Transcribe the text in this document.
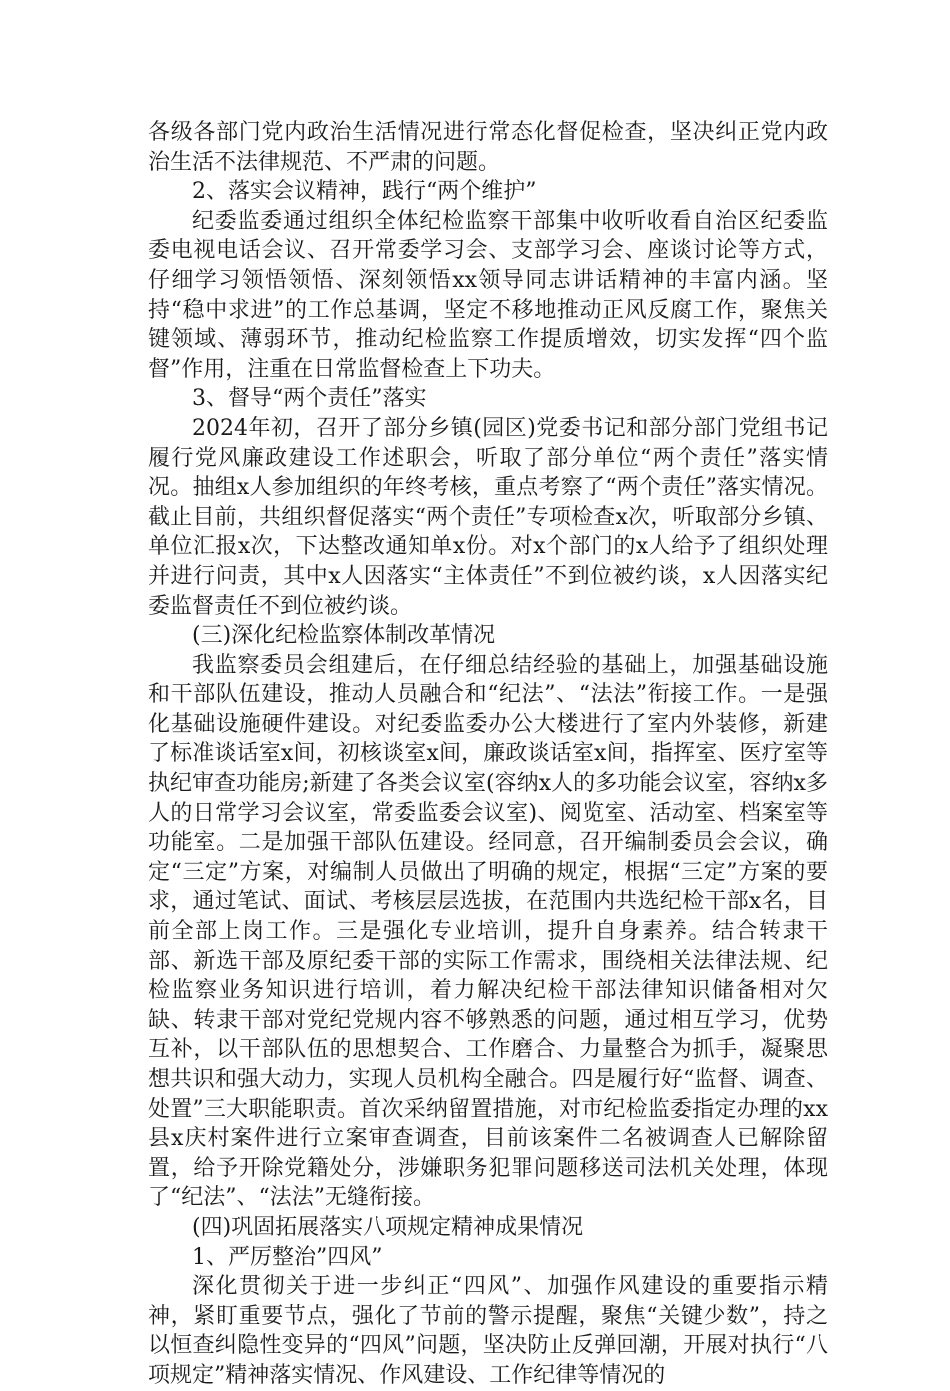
各级各部门党内政治生活情况进行常态化督促检查，坚决纠正党内政治生活不法律规范、不严肃的问题。

2、落实会议精神，践行“两个维护”

纪委监委通过组织全体纪检监察干部集中收听收看自治区纪委监委电视电话会议、召开常委学习会、支部学习会、座谈讨论等方式，仔细学习领悟领悟、深刻领悟xx领导同志讲话精神的丰富内涵。坚持“稳中求进”的工作总基调，坚定不移地推动正风反腐工作，聚焦关键领域、薄弱环节，推动纪检监察工作提质增效，切实发挥“四个监督”作用，注重在日常监督检查上下功夫。

3、督导“两个责任”落实

2024年初，召开了部分乡镇(园区)党委书记和部分部门党组书记履行党风廉政建设工作述职会，听取了部分单位“两个责任”落实情况。抽组x人参加组织的年终考核，重点考察了“两个责任”落实情况。截止目前，共组织督促落实“两个责任”专项检查x次，听取部分乡镇、单位汇报x次，下达整改通知单x份。对x个部门的x人给予了组织处理并进行问责，其中x人因落实“主体责任”不到位被约谈，x人因落实纪委监督责任不到位被约谈。

(三)深化纪检监察体制改革情况

我监察委员会组建后，在仔细总结经验的基础上，加强基础设施和干部队伍建设，推动人员融合和“纪法”、“法法”衔接工作。一是强化基础设施硬件建设。对纪委监委办公大楼进行了室内外装修，新建了标准谈话室x间，初核谈室x间，廉政谈话室x间，指挥室、医疗室等执纪审查功能房;新建了各类会议室(容纳x人的多功能会议室，容纳x多人的日常学习会议室，常委监委会议室)、阅览室、活动室、档案室等功能室。二是加强干部队伍建设。经同意，召开编制委员会会议，确定“三定”方案，对编制人员做出了明确的规定，根据“三定”方案的要求，通过笔试、面试、考核层层选拔，在范围内共选纪检干部x名，目前全部上岗工作。三是强化专业培训，提升自身素养。结合转隶干部、新选干部及原纪委干部的实际工作需求，围绕相关法律法规、纪检监察业务知识进行培训，着力解决纪检干部法律知识储备相对欠缺、转隶干部对党纪党规内容不够熟悉的问题，通过相互学习，优势互补，以干部队伍的思想契合、工作磨合、力量整合为抓手，凝聚思想共识和强大动力，实现人员机构全融合。四是履行好“监督、调查、处置”三大职能职责。首次采纳留置措施，对市纪检监委指定办理的xx县x庆村案件进行立案审查调查，目前该案件二名被调查人已解除留置，给予开除党籍处分，涉嫌职务犯罪问题移送司法机关处理，体现了“纪法”、“法法”无缝衔接。

(四)巩固拓展落实八项规定精神成果情况

1、严厉整治”四风”

深化贯彻关于进一步纠正“四风”、加强作风建设的重要指示精神，紧盯重要节点，强化了节前的警示提醒，聚焦“关键少数”，持之以恒查纠隐性变异的“四风”问题，坚决防止反弹回潮，开展对执行“八项规定”精神落实情况、作风建设、工作纪律等情况的
